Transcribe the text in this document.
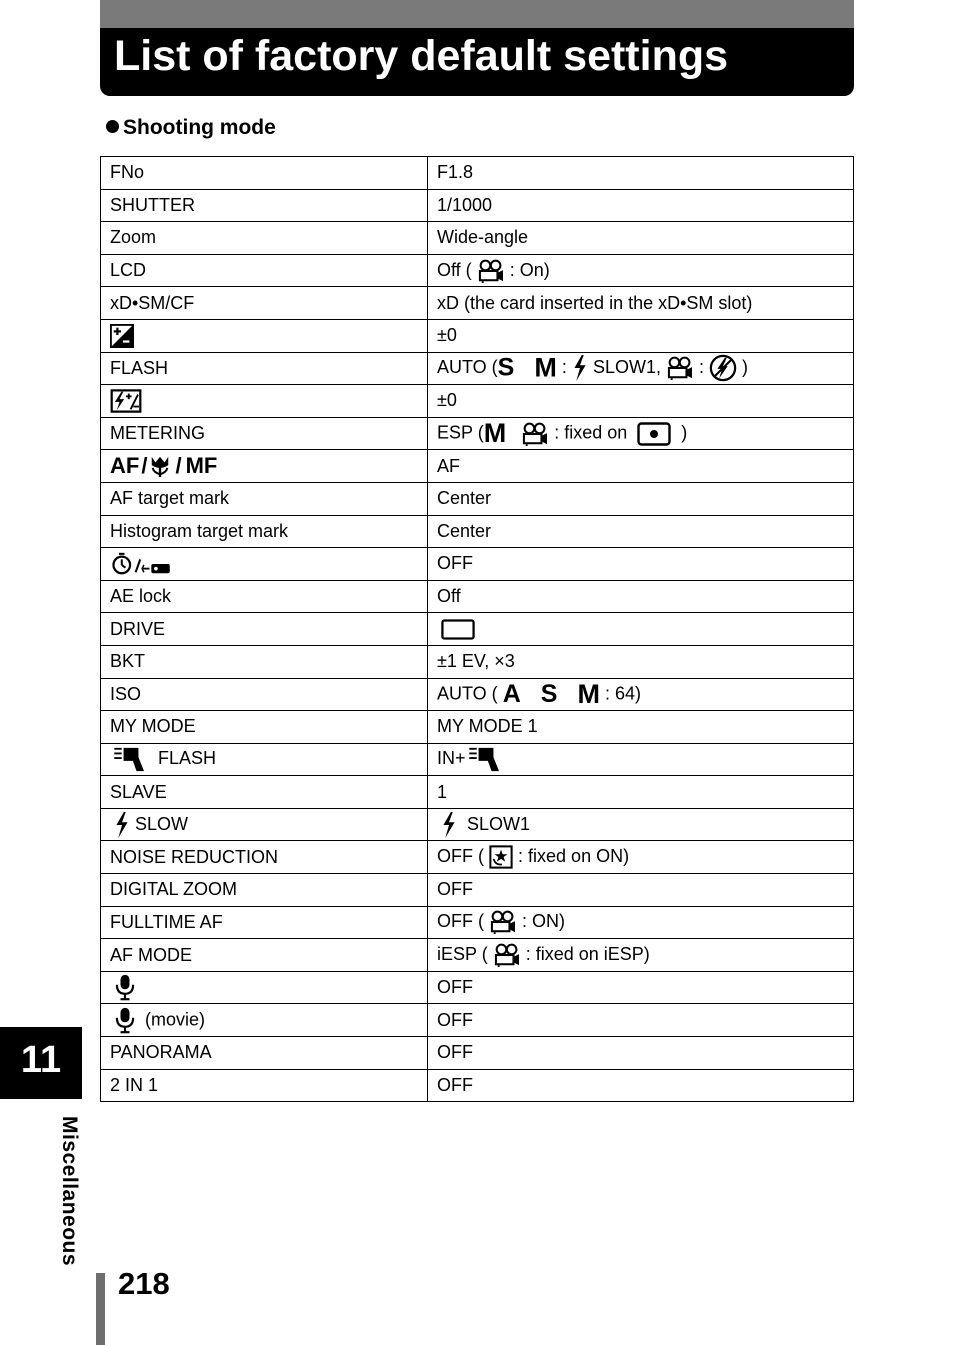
List of factory default settings
Shooting mode
FNo	F1.8
SHUTTER	1/1000
Zoom	Wide-angle
LCD	Off ( : On)
xD•SM/CF	xD (the card inserted in the xD•SM slot)

	±0
FLASH	AUTO (S M : SLOW1, : )

	±0
METERING	ESP (M : fixed on )
AF/ / MF	AF
AF target mark	Center
Histogram target mark	Center

	OFF
AE lock	Off
DRIVE	

BKT	±1 EV, ×3
ISO	AUTO ( A S M : 64)
MY MODE	MY MODE 1

FLASH	IN+

SLAVE	1

SLOW	SLOW1
NOISE REDUCTION	OFF ( : fixed on ON)
DIGITAL ZOOM	OFF
FULLTIME AF	OFF ( : ON)
AF MODE	iESP ( : fixed on iESP)

	OFF

(movie)	OFF
PANORAMA	OFF
2 IN 1	OFF
11
Miscellaneous
218
